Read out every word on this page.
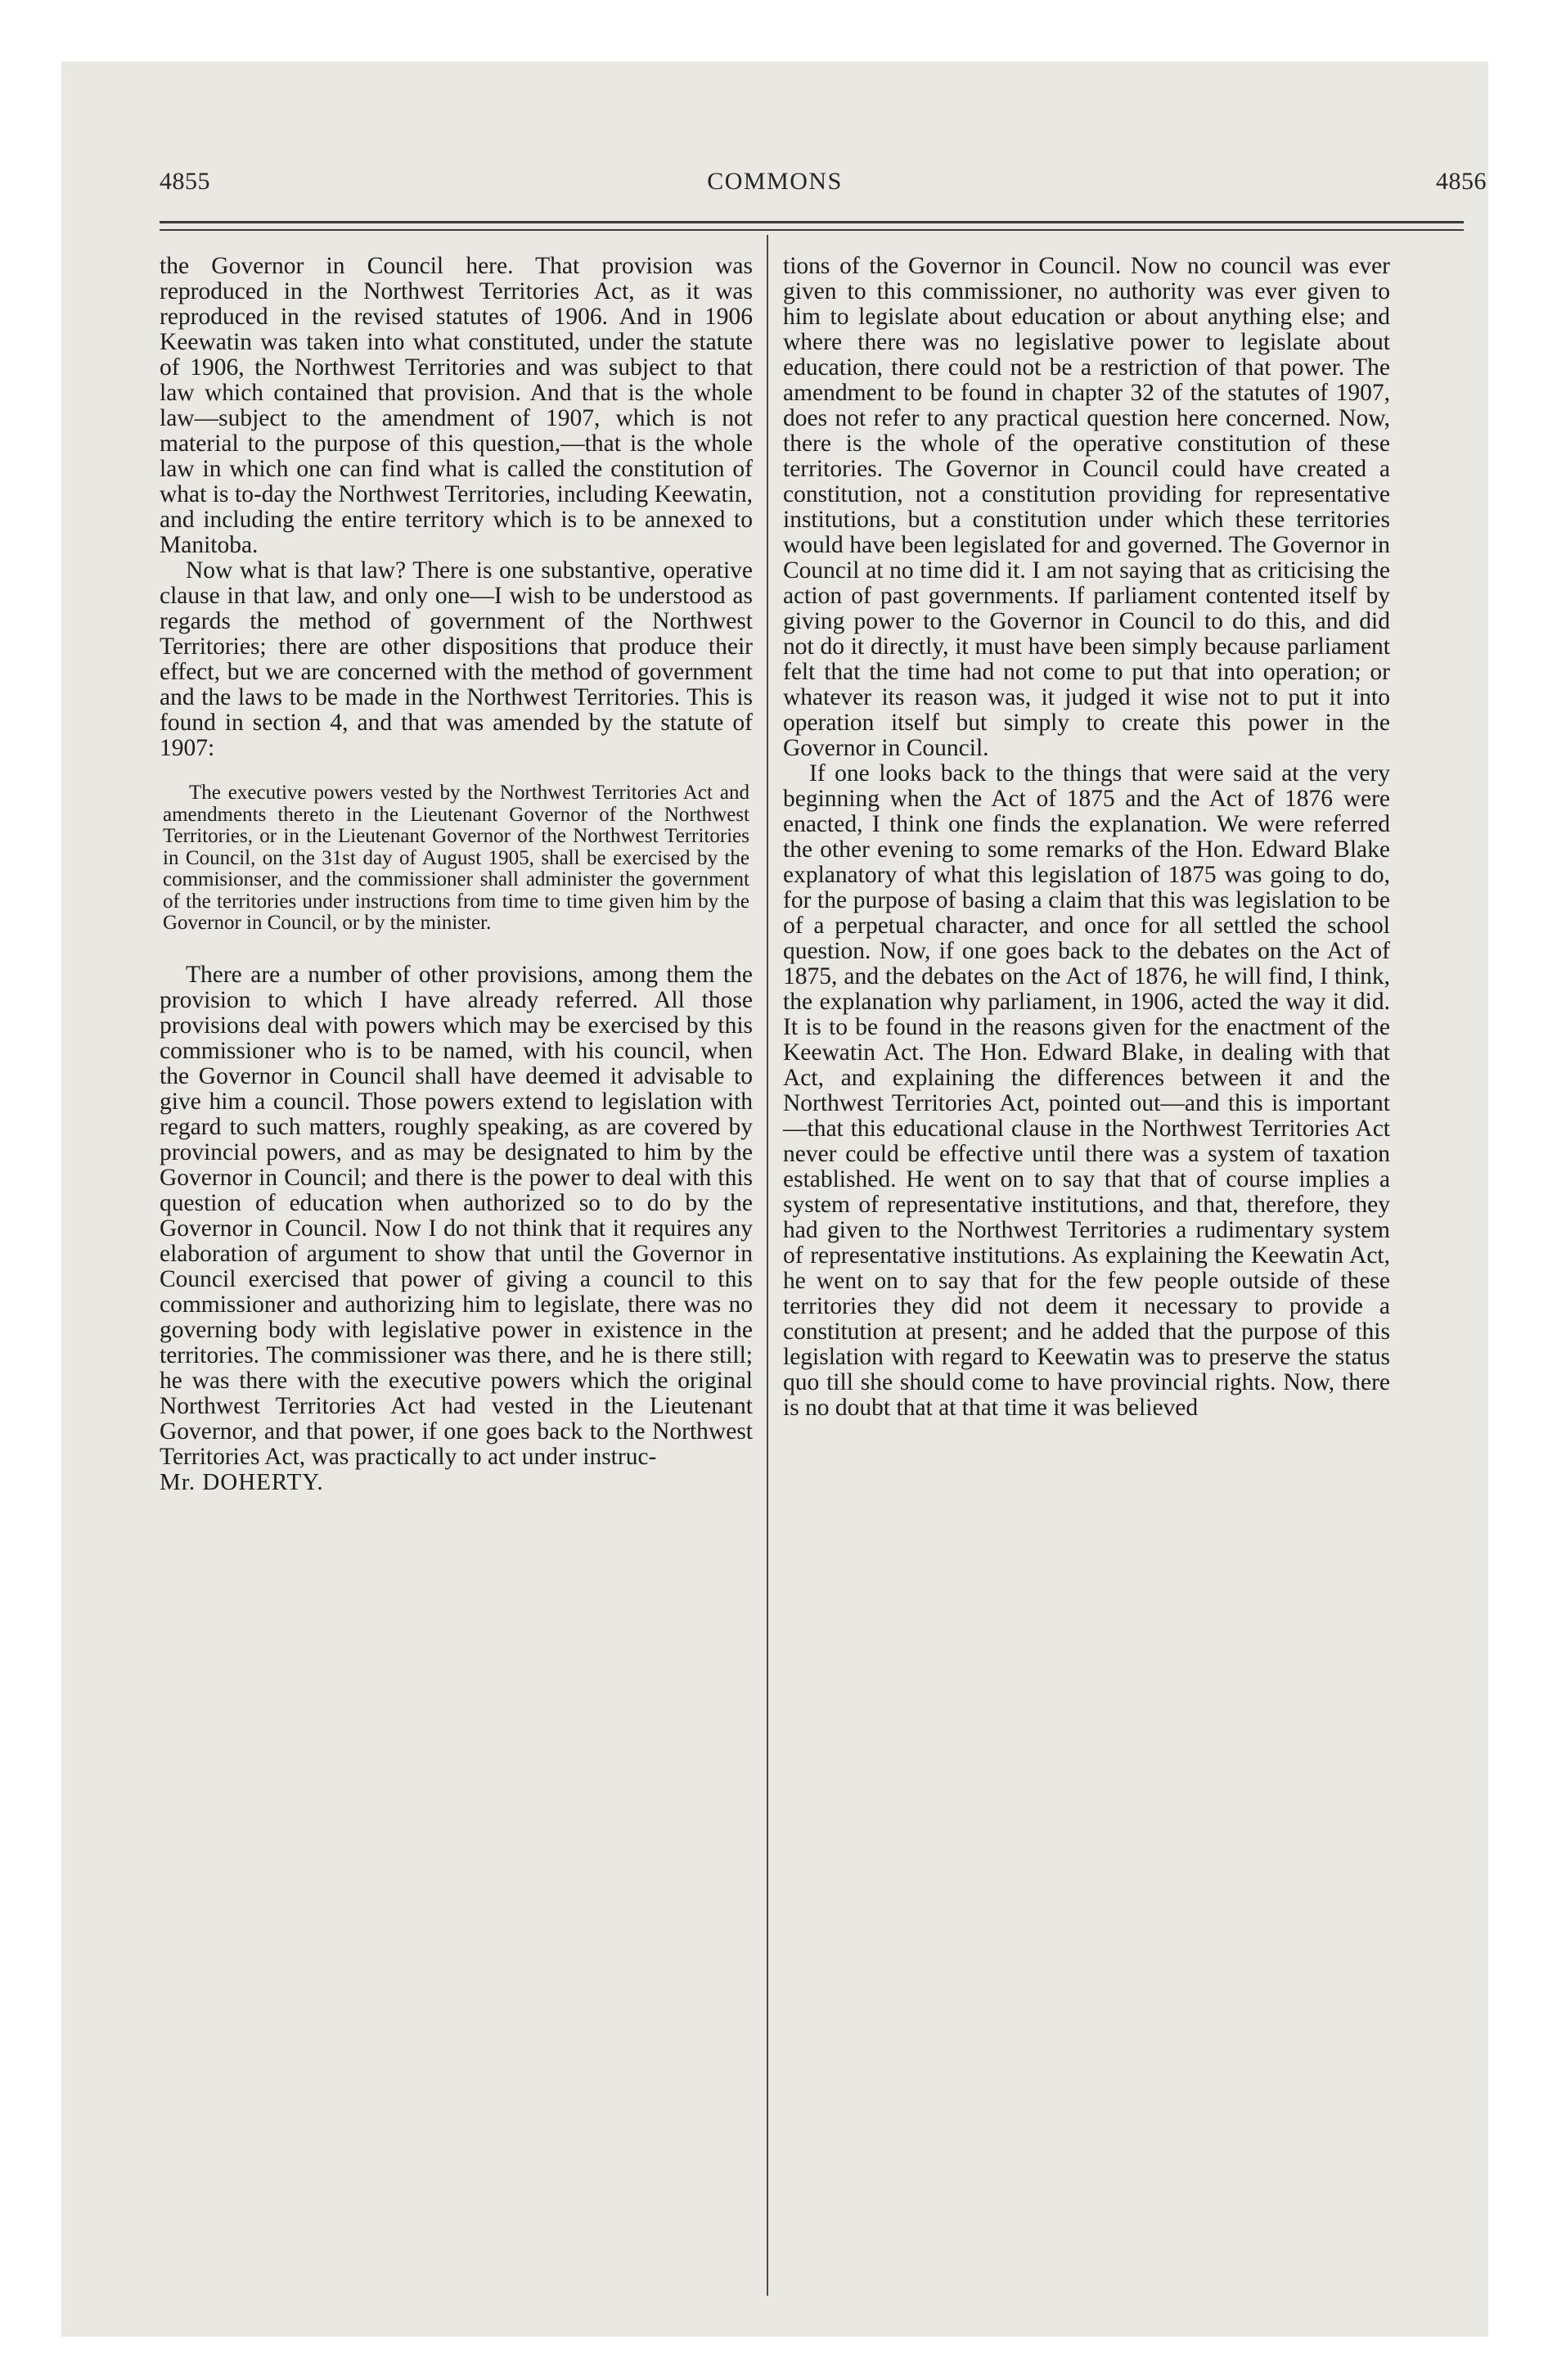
4855	COMMONS	4856

the Governor in Council here. That provision was reproduced in the Northwest Territories Act, as it was reproduced in the revised statutes of 1906. And in 1906 Keewatin was taken into what constituted, under the statute of 1906, the Northwest Territories and was subject to that law which contained that provision. And that is the whole law—subject to the amendment of 1907, which is not material to the purpose of this question,—that is the whole law in which one can find what is called the constitution of what is to-day the Northwest Territories, including Keewatin, and including the entire territory which is to be annexed to Manitoba.

Now what is that law? There is one substantive, operative clause in that law, and only one—I wish to be understood as regards the method of government of the Northwest Territories; there are other dispositions that produce their effect, but we are concerned with the method of government and the laws to be made in the Northwest Territories. This is found in section 4, and that was amended by the statute of 1907:

The executive powers vested by the Northwest Territories Act and amendments thereto in the Lieutenant Governor of the Northwest Territories, or in the Lieutenant Governor of the Northwest Territories in Council, on the 31st day of August 1905, shall be exercised by the commisionser, and the commissioner shall administer the government of the territories under instructions from time to time given him by the Governor in Council, or by the minister.

There are a number of other provisions, among them the provision to which I have already referred. All those provisions deal with powers which may be exercised by this commissioner who is to be named, with his council, when the Governor in Council shall have deemed it advisable to give him a council. Those powers extend to legislation with regard to such matters, roughly speaking, as are covered by provincial powers, and as may be designated to him by the Governor in Council; and there is the power to deal with this question of education when authorized so to do by the Governor in Council. Now I do not think that it requires any elaboration of argument to show that until the Governor in Council exercised that power of giving a council to this commissioner and authorizing him to legislate, there was no governing body with legislative power in existence in the territories. The commissioner was there, and he is there still; he was there with the executive powers which the original Northwest Territories Act had vested in the Lieutenant Governor, and that power, if one goes back to the Northwest Territories Act, was practically to act under instruc-

Mr. DOHERTY.

tions of the Governor in Council. Now no council was ever given to this commissioner, no authority was ever given to him to legislate about education or about anything else; and where there was no legislative power to legislate about education, there could not be a restriction of that power. The amendment to be found in chapter 32 of the statutes of 1907, does not refer to any practical question here concerned. Now, there is the whole of the operative constitution of these territories. The Governor in Council could have created a constitution, not a constitution providing for representative institutions, but a constitution under which these territories would have been legislated for and governed. The Governor in Council at no time did it. I am not saying that as criticising the action of past governments. If parliament contented itself by giving power to the Governor in Council to do this, and did not do it directly, it must have been simply because parliament felt that the time had not come to put that into operation; or whatever its reason was, it judged it wise not to put it into operation itself but simply to create this power in the Governor in Council.

If one looks back to the things that were said at the very beginning when the Act of 1875 and the Act of 1876 were enacted, I think one finds the explanation. We were referred the other evening to some remarks of the Hon. Edward Blake explanatory of what this legislation of 1875 was going to do, for the purpose of basing a claim that this was legislation to be of a perpetual character, and once for all settled the school question. Now, if one goes back to the debates on the Act of 1875, and the debates on the Act of 1876, he will find, I think, the explanation why parliament, in 1906, acted the way it did. It is to be found in the reasons given for the enactment of the Keewatin Act. The Hon. Edward Blake, in dealing with that Act, and explaining the differences between it and the Northwest Territories Act, pointed out—and this is important—that this educational clause in the Northwest Territories Act never could be effective until there was a system of taxation established. He went on to say that that of course implies a system of representative institutions, and that, therefore, they had given to the Northwest Territories a rudimentary system of representative institutions. As explaining the Keewatin Act, he went on to say that for the few people outside of these territories they did not deem it necessary to provide a constitution at present; and he added that the purpose of this legislation with regard to Keewatin was to preserve the status quo till she should come to have provincial rights. Now, there is no doubt that at that time it was believed
